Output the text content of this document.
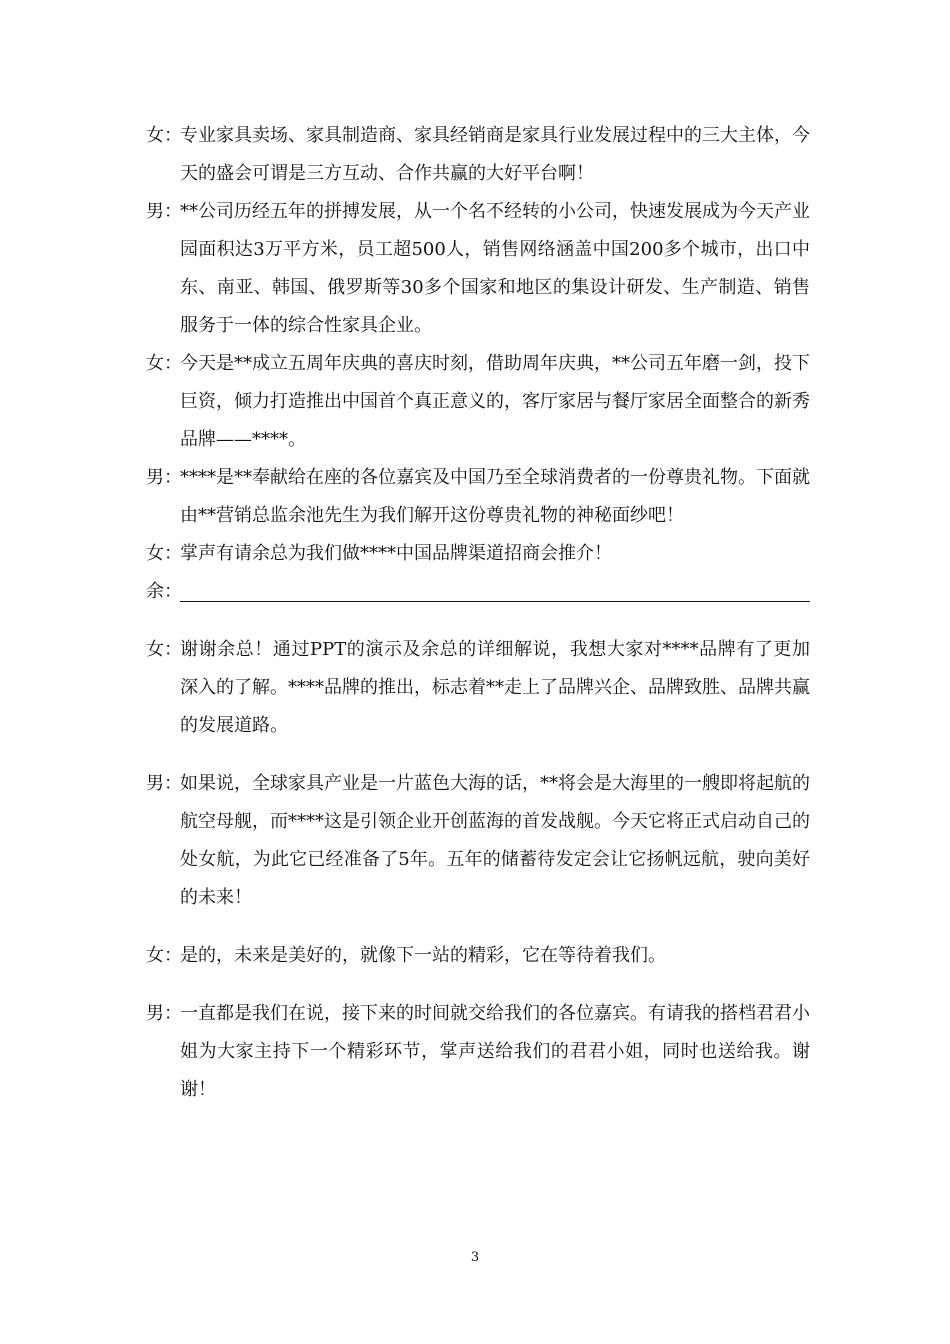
女：
专业家具卖场、家具制造商、家具经销商是家具行业发展过程中的三大主体，今天的盛会可谓是三方互动、合作共赢的大好平台啊！
男：
**公司历经五年的拼搏发展，从一个名不经转的小公司，快速发展成为今天产业园面积达3万平方米，员工超500人，销售网络涵盖中国200多个城市，出口中东、南亚、韩国、俄罗斯等30多个国家和地区的集设计研发、生产制造、销售服务于一体的综合性家具企业。
女：
今天是**成立五周年庆典的喜庆时刻，借助周年庆典，**公司五年磨一剑，投下巨资，倾力打造推出中国首个真正意义的，客厅家居与餐厅家居全面整合的新秀品牌——****。
男：
****是**奉献给在座的各位嘉宾及中国乃至全球消费者的一份尊贵礼物。下面就由**营销总监余池先生为我们解开这份尊贵礼物的神秘面纱吧！
女：
掌声有请余总为我们做****中国品牌渠道招商会推介！
余：
女：
谢谢余总！通过PPT的演示及余总的详细解说，我想大家对****品牌有了更加深入的了解。****品牌的推出，标志着**走上了品牌兴企、品牌致胜、品牌共赢的发展道路。
男：
如果说，全球家具产业是一片蓝色大海的话，**将会是大海里的一艘即将起航的航空母舰，而****这是引领企业开创蓝海的首发战舰。今天它将正式启动自己的处女航，为此它已经准备了5年。五年的储蓄待发定会让它扬帆远航，驶向美好的未来！
女：
是的，未来是美好的，就像下一站的精彩，它在等待着我们。
男：
一直都是我们在说，接下来的时间就交给我们的各位嘉宾。有请我的搭档君君小姐为大家主持下一个精彩环节，掌声送给我们的君君小姐，同时也送给我。谢谢！
3
